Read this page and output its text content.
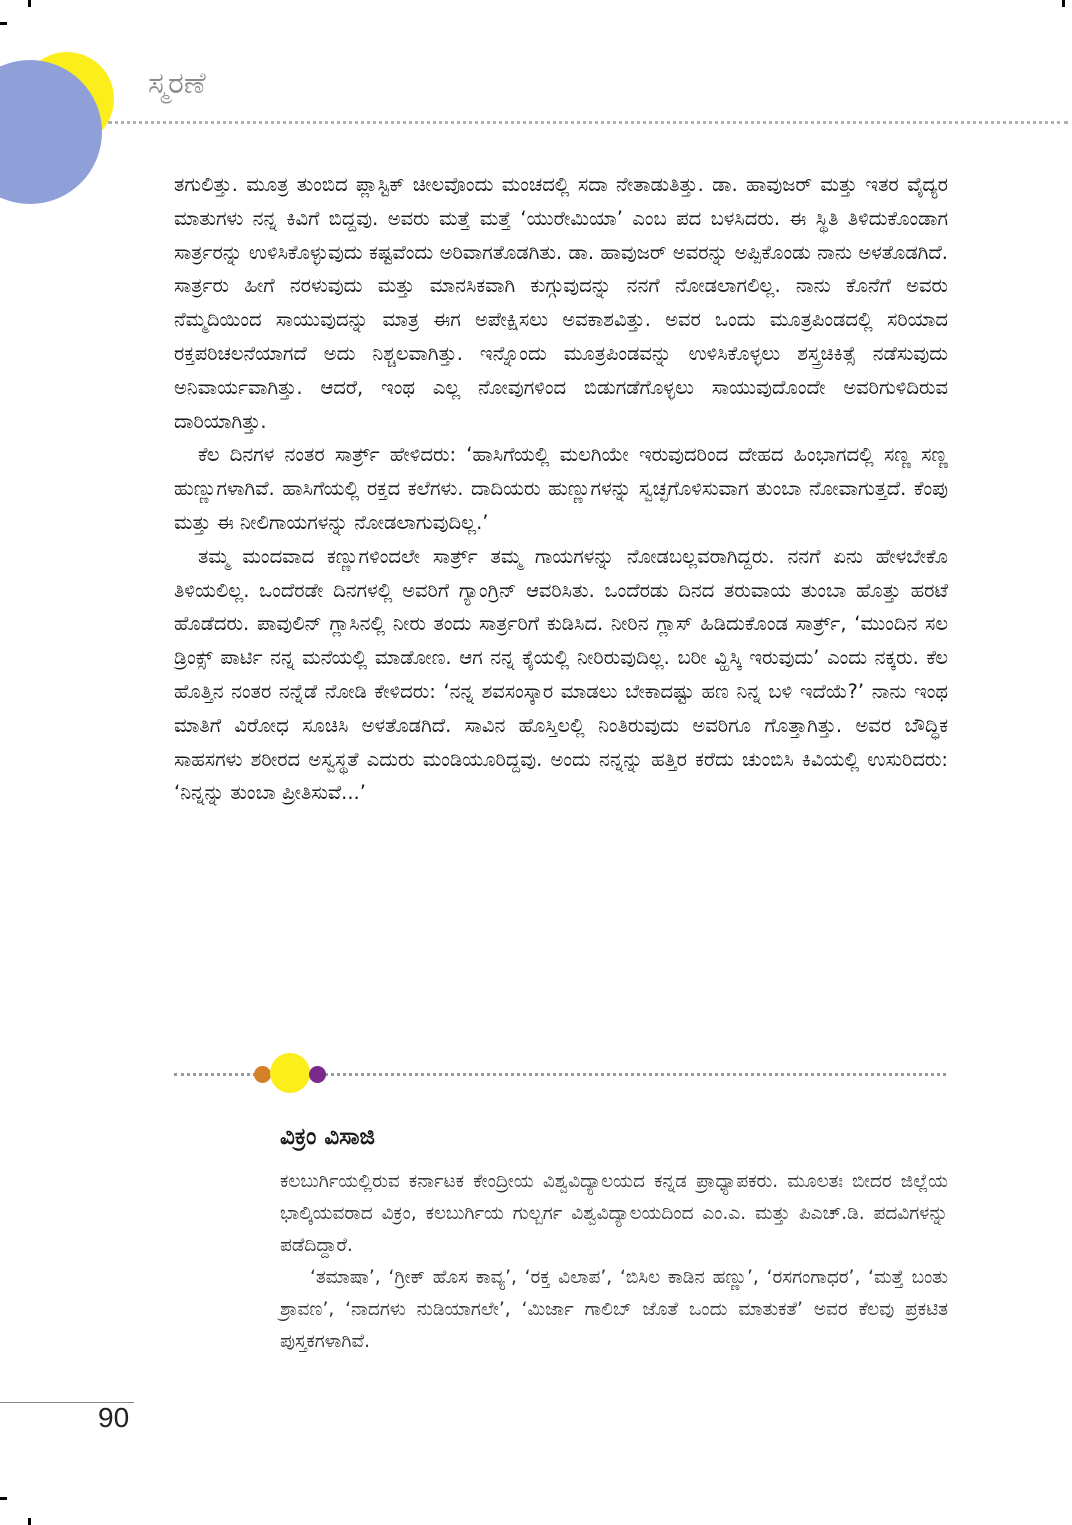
ಸ್ಮರಣೆ

ತಗುಲಿತ್ತು. ಮೂತ್ರ ತುಂಬಿದ ಪ್ಲಾಸ್ಟಿಕ್ ಚೀಲವೊಂದು ಮಂಚದಲ್ಲಿ ಸದಾ ನೇತಾಡುತಿತ್ತು. ಡಾ. ಹಾವುಜರ್ ಮತ್ತು ಇತರ ವೈದ್ಯರ ಮಾತುಗಳು ನನ್ನ ಕಿವಿಗೆ ಬಿದ್ದವು. ಅವರು ಮತ್ತೆ ಮತ್ತೆ ‘ಯುರೇಮಿಯಾ’ ಎಂಬ ಪದ ಬಳಸಿದರು. ಈ ಸ್ಥಿತಿ ತಿಳಿದುಕೊಂಡಾಗ ಸಾರ್ತ್ರರನ್ನು ಉಳಿಸಿಕೊಳ್ಳುವುದು ಕಷ್ಟವೆಂದು ಅರಿವಾಗತೊಡಗಿತು. ಡಾ. ಹಾವುಜರ್ ಅವರನ್ನು ಅಪ್ಪಿಕೊಂಡು ನಾನು ಅಳತೊಡಗಿದೆ. ಸಾರ್ತ್ರರು ಹೀಗೆ ನರಳುವುದು ಮತ್ತು ಮಾನಸಿಕವಾಗಿ ಕುಗ್ಗುವುದನ್ನು ನನಗೆ ನೋಡಲಾಗಲಿಲ್ಲ. ನಾನು ಕೊನೆಗೆ ಅವರು ನೆಮ್ಮದಿಯಿಂದ ಸಾಯುವುದನ್ನು ಮಾತ್ರ ಈಗ ಅಪೇಕ್ಷಿಸಲು ಅವಕಾಶವಿತ್ತು. ಅವರ ಒಂದು ಮೂತ್ರಪಿಂಡದಲ್ಲಿ ಸರಿಯಾದ ರಕ್ತಪರಿಚಲನೆಯಾಗದೆ ಅದು ನಿಶ್ಚಲವಾಗಿತ್ತು. ಇನ್ನೊಂದು ಮೂತ್ರಪಿಂಡವನ್ನು ಉಳಿಸಿಕೊಳ್ಳಲು ಶಸ್ತ್ರಚಿಕಿತ್ಸೆ ನಡೆಸುವುದು ಅನಿವಾರ್ಯವಾಗಿತ್ತು. ಆದರೆ, ಇಂಥ ಎಲ್ಲ ನೋವುಗಳಿಂದ ಬಿಡುಗಡೆಗೊಳ್ಳಲು ಸಾಯುವುದೊಂದೇ ಅವರಿಗುಳಿದಿರುವ ದಾರಿಯಾಗಿತ್ತು.

ಕೆಲ ದಿನಗಳ ನಂತರ ಸಾರ್ತ್ರ್ ಹೇಳಿದರು: ‘ಹಾಸಿಗೆಯಲ್ಲಿ ಮಲಗಿಯೇ ಇರುವುದರಿಂದ ದೇಹದ ಹಿಂಭಾಗದಲ್ಲಿ ಸಣ್ಣ ಸಣ್ಣ ಹುಣ್ಣುಗಳಾಗಿವೆ. ಹಾಸಿಗೆಯಲ್ಲಿ ರಕ್ತದ ಕಲೆಗಳು. ದಾದಿಯರು ಹುಣ್ಣುಗಳನ್ನು ಸ್ವಚ್ಛಗೊಳಿಸುವಾಗ ತುಂಬಾ ನೋವಾಗುತ್ತದೆ. ಕೆಂಪು ಮತ್ತು ಈ ನೀಲಿಗಾಯಗಳನ್ನು ನೋಡಲಾಗುವುದಿಲ್ಲ.’

ತಮ್ಮ ಮಂದವಾದ ಕಣ್ಣುಗಳಿಂದಲೇ ಸಾರ್ತ್ರ್ ತಮ್ಮ ಗಾಯಗಳನ್ನು ನೋಡಬಲ್ಲವರಾಗಿದ್ದರು. ನನಗೆ ಏನು ಹೇಳಬೇಕೊ ತಿಳಿಯಲಿಲ್ಲ. ಒಂದೆರಡೇ ದಿನಗಳಲ್ಲಿ ಅವರಿಗೆ ಗ್ಯಾಂಗ್ರಿನ್ ಆವರಿಸಿತು. ಒಂದೆರಡು ದಿನದ ತರುವಾಯ ತುಂಬಾ ಹೊತ್ತು ಹರಟೆ ಹೊಡೆದರು. ಪಾವುಲಿನ್ ಗ್ಲಾಸಿನಲ್ಲಿ ನೀರು ತಂದು ಸಾರ್ತ್ರರಿಗೆ ಕುಡಿಸಿದ. ನೀರಿನ ಗ್ಲಾಸ್ ಹಿಡಿದುಕೊಂಡ ಸಾರ್ತ್ರ್, ‘ಮುಂದಿನ ಸಲ ಡ್ರಿಂಕ್ಸ್ ಪಾರ್ಟಿ ನನ್ನ ಮನೆಯಲ್ಲಿ ಮಾಡೋಣ. ಆಗ ನನ್ನ ಕೈಯಲ್ಲಿ ನೀರಿರುವುದಿಲ್ಲ. ಬರೀ ವ್ಹಿಸ್ಕಿ ಇರುವುದು’ ಎಂದು ನಕ್ಕರು. ಕೆಲ ಹೊತ್ತಿನ ನಂತರ ನನ್ನೆಡೆ ನೋಡಿ ಕೇಳಿದರು: ‘ನನ್ನ ಶವಸಂಸ್ಕಾರ ಮಾಡಲು ಬೇಕಾದಷ್ಟು ಹಣ ನಿನ್ನ ಬಳಿ ಇದೆಯೆ?’ ನಾನು ಇಂಥ ಮಾತಿಗೆ ವಿರೋಧ ಸೂಚಿಸಿ ಅಳತೊಡಗಿದೆ. ಸಾವಿನ ಹೊಸ್ತಿಲಲ್ಲಿ ನಿಂತಿರುವುದು ಅವರಿಗೂ ಗೊತ್ತಾಗಿತ್ತು. ಅವರ ಬೌದ್ಧಿಕ ಸಾಹಸಗಳು ಶರೀರದ ಅಸ್ವಸ್ಥತೆ ಎದುರು ಮಂಡಿಯೂರಿದ್ದವು. ಅಂದು ನನ್ನನ್ನು ಹತ್ತಿರ ಕರೆದು ಚುಂಬಿಸಿ ಕಿವಿಯಲ್ಲಿ ಉಸುರಿದರು: ‘ನಿನ್ನನ್ನು ತುಂಬಾ ಪ್ರೀತಿಸುವೆ...’

ವಿಕ್ರಂ ವಿಸಾಜಿ

ಕಲಬುರ್ಗಿಯಲ್ಲಿರುವ ಕರ್ನಾಟಕ ಕೇಂದ್ರೀಯ ವಿಶ್ವವಿದ್ಯಾಲಯದ ಕನ್ನಡ ಪ್ರಾಧ್ಯಾಪಕರು. ಮೂಲತಃ ಬೀದರ ಜಿಲ್ಲೆಯ ಭಾಲ್ಕಿಯವರಾದ ವಿಕ್ರಂ, ಕಲಬುರ್ಗಿಯ ಗುಲ್ಬರ್ಗ ವಿಶ್ವವಿದ್ಯಾಲಯದಿಂದ ಎಂ.ಎ. ಮತ್ತು ಪಿಎಚ್.ಡಿ. ಪದವಿಗಳನ್ನು ಪಡೆದಿದ್ದಾರೆ.

‘ತಮಾಷಾ’, ‘ಗ್ರೀಕ್ ಹೊಸ ಕಾವ್ಯ’, ‘ರಕ್ತ ವಿಲಾಪ’, ‘ಬಿಸಿಲ ಕಾಡಿನ ಹಣ್ಣು’, ‘ರಸಗಂಗಾಧರ’, ‘ಮತ್ತೆ ಬಂತು ಶ್ರಾವಣ’, ‘ನಾದಗಳು ನುಡಿಯಾಗಲೇ’, ‘ಮಿರ್ಜಾ ಗಾಲಿಬ್ ಜೊತೆ ಒಂದು ಮಾತುಕತೆ’ ಅವರ ಕೆಲವು ಪ್ರಕಟಿತ ಪುಸ್ತಕಗಳಾಗಿವೆ.

90
